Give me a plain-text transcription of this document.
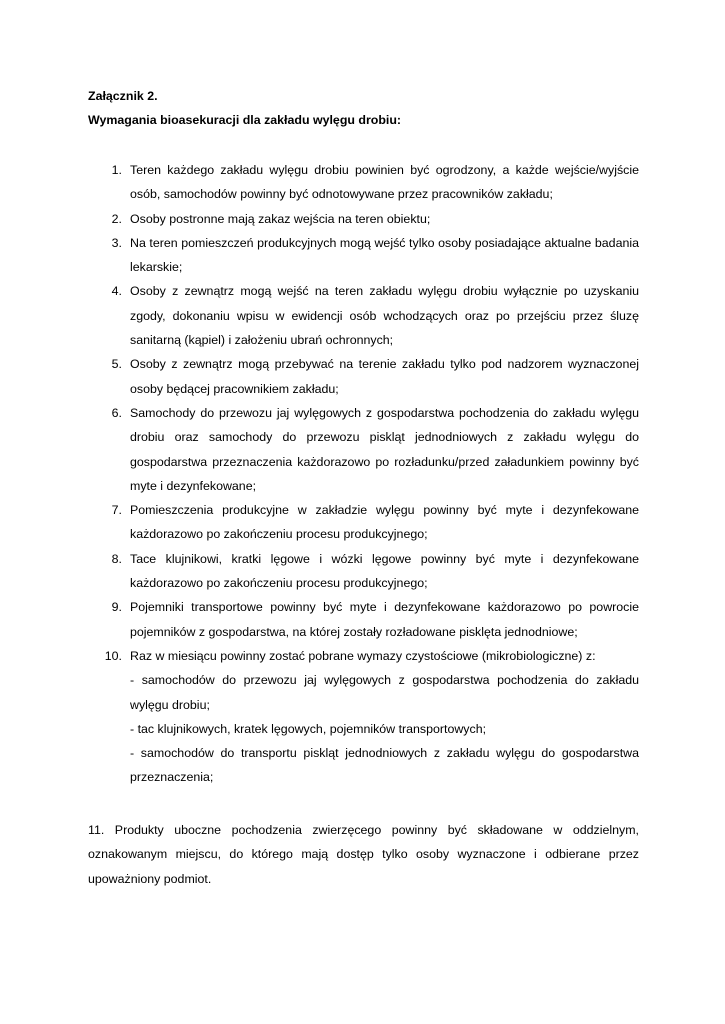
Załącznik 2.
Wymagania bioasekuracji dla zakładu wylęgu drobiu:
1. Teren każdego zakładu wylęgu drobiu powinien być ogrodzony, a każde wejście/wyjście osób, samochodów powinny być odnotowywane przez pracowników zakładu;
2. Osoby postronne mają zakaz wejścia na teren obiektu;
3. Na teren pomieszczeń produkcyjnych mogą wejść tylko osoby posiadające aktualne badania lekarskie;
4. Osoby z zewnątrz mogą wejść na teren zakładu wylęgu drobiu wyłącznie po uzyskaniu zgody, dokonaniu wpisu w ewidencji osób wchodzących oraz po przejściu przez śluzę sanitarną (kąpiel) i założeniu ubrań ochronnych;
5. Osoby z zewnątrz mogą przebywać na terenie zakładu tylko pod nadzorem wyznaczonej osoby będącej pracownikiem zakładu;
6. Samochody do przewozu jaj wylęgowych z gospodarstwa pochodzenia do zakładu wylęgu drobiu oraz samochody do przewozu piskląt jednodniowych z zakładu wylęgu do gospodarstwa przeznaczenia każdorazowo po rozładunku/przed załadunkiem powinny być myte i dezynfekowane;
7. Pomieszczenia produkcyjne w zakładzie wylęgu powinny być myte i dezynfekowane każdorazowo po zakończeniu procesu produkcyjnego;
8. Tace klujnikowi, kratki lęgowe i wózki lęgowe powinny być myte i dezynfekowane każdorazowo po zakończeniu procesu produkcyjnego;
9. Pojemniki transportowe powinny być myte i dezynfekowane każdorazowo po powrocie pojemników z gospodarstwa, na której zostały rozładowane pisklęta jednodniowe;
10. Raz w miesiącu powinny zostać pobrane wymazy czystościowe (mikrobiologiczne) z:
- samochodów do przewozu jaj wylęgowych z gospodarstwa pochodzenia do zakładu wylęgu drobiu;
- tac klujnikowych, kratek lęgowych, pojemników transportowych;
- samochodów do transportu piskląt jednodniowych z zakładu wylęgu do gospodarstwa przeznaczenia;

11. Produkty uboczne pochodzenia zwierzęcego powinny być składowane w oddzielnym, oznakowanym miejscu, do którego mają dostęp tylko osoby wyznaczone i odbierane przez upoważniony podmiot.
